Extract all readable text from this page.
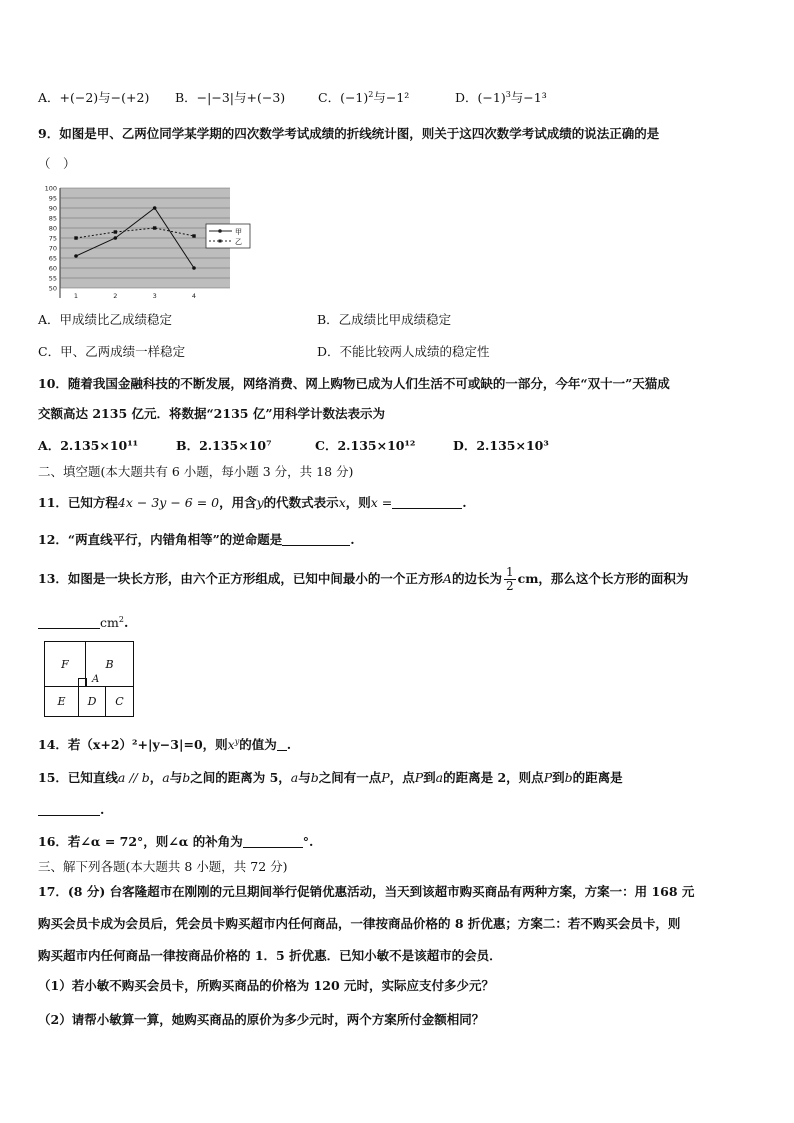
A．+(−2)与−(+2) B．−|−3|与+(−3)	C．$(-1)^2$与−1²	D．$(-1)^3$与−1³
9．如图是甲、乙两位同学某学期的四次数学考试成绩的折线统计图，则关于这四次数学考试成绩的说法正确的是
（　）
100
95
90
85
80
75
70
65
60
55
50
1	2	3	4
甲
乙
A．甲成绩比乙成绩稳定	B．乙成绩比甲成绩稳定
C．甲、乙两成绩一样稳定	D．不能比较两人成绩的稳定性
10．随着我国金融科技的不断发展，网络消费、网上购物已成为人们生活不可或缺的一部分，今年“双十一”天猫成
交额高达 2135 亿元．将数据“2135 亿”用科学计数法表示为
A．2.135×10¹¹	B．2.135×10⁷	C．2.135×10¹²	D．2.135×10³
二、填空题(本大题共有 6 小题，每小题 3 分，共 18 分)
11．已知方程4x − 3y − 6 = 0，用含y的代数式表示x，则x =	.
12．“两直线平行，内错角相等”的逆命题是	.
13．如图是一块长方形，由六个正方形组成，已知中间最小的一个正方形A的边长为 $\frac{1}{2}$ cm，那么这个长方形的面积为
$cm^2$.
F	B
E
A
D	C
14．若（x+2）²+|y−3|=0，则$x^y$的值为 .
15．已知直线a // b，a与b之间的距离为 5，a与b之间有一点P，点P到a的距离是 2，则点P到b的距离是
.
16．若∠α = 72°，则∠α 的补角为	°.
三、解下列各题(本大题共 8 小题，共 72 分)
17．(8 分) 台客隆超市在刚刚的元旦期间举行促销优惠活动，当天到该超市购买商品有两种方案，方案一：用 168 元
购买会员卡成为会员后，凭会员卡购买超市内任何商品，一律按商品价格的 8 折优惠；方案二：若不购买会员卡，则
购买超市内任何商品一律按商品价格的 1．5 折优惠．已知小敏不是该超市的会员．
（1）若小敏不购买会员卡，所购买商品的价格为 120 元时，实际应支付多少元？
（2）请帮小敏算一算，她购买商品的原价为多少元时，两个方案所付金额相同？
